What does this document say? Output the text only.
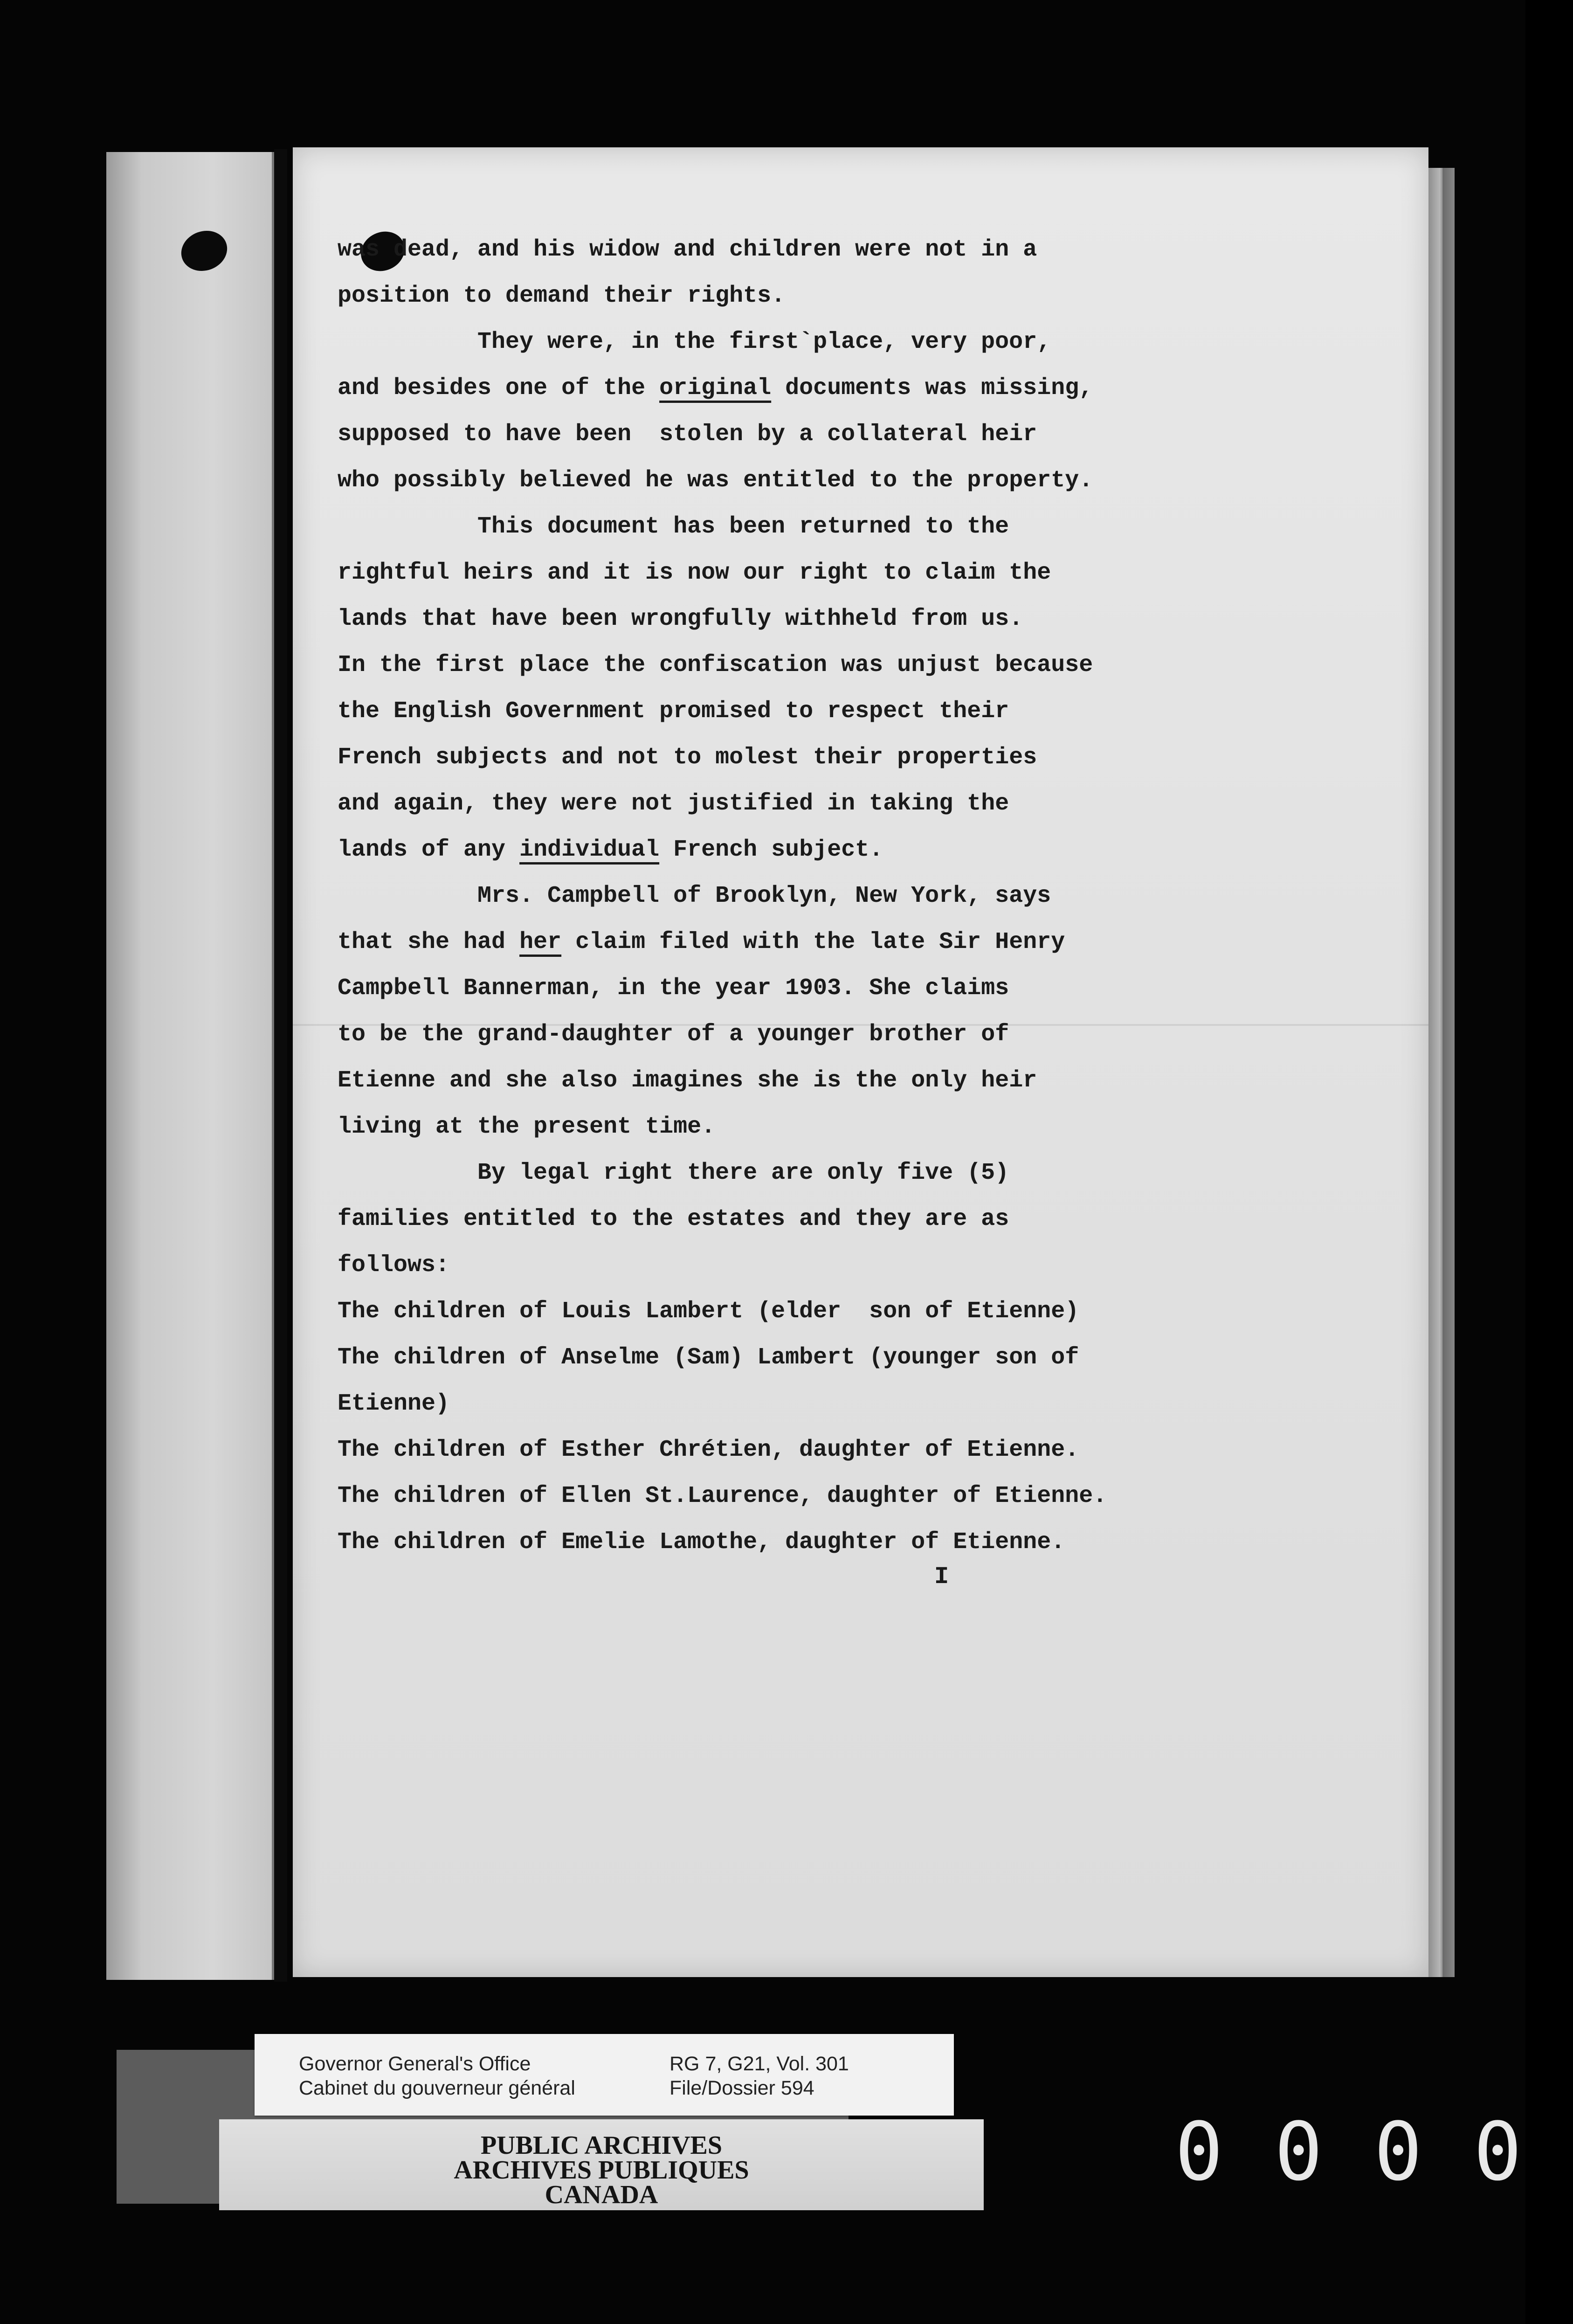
was dead, and his widow and children were not in a
position to demand their rights.
They were, in the first`place, very poor,
and besides one of the original documents was missing,
supposed to have been  stolen by a collateral heir
who possibly believed he was entitled to the property.
This document has been returned to the
rightful heirs and it is now our right to claim the
lands that have been wrongfully withheld from us.
In the first place the confiscation was unjust because
the English Government promised to respect their
French subjects and not to molest their properties
and again, they were not justified in taking the
lands of any individual French subject.
Mrs. Campbell of Brooklyn, New York, says
that she had her claim filed with the late Sir Henry
Campbell Bannerman, in the year 1903. She claims
to be the grand-daughter of a younger brother of
Etienne and she also imagines she is the only heir
living at the present time.
By legal right there are only five (5)
families entitled to the estates and they are as
follows:
The children of Louis Lambert (elder  son of Etienne)
The children of Anselme (Sam) Lambert (younger son of
Etienne)
The children of Esther Chrétien, daughter of Etienne.
The children of Ellen St.Laurence, daughter of Etienne.
The children of Emelie Lamothe, daughter of Etienne.
I
Governor General's Office
Cabinet du gouverneur général
RG 7, G21, Vol. 301
File/Dossier 594
PUBLIC ARCHIVES
ARCHIVES PUBLIQUES
CANADA	0000
